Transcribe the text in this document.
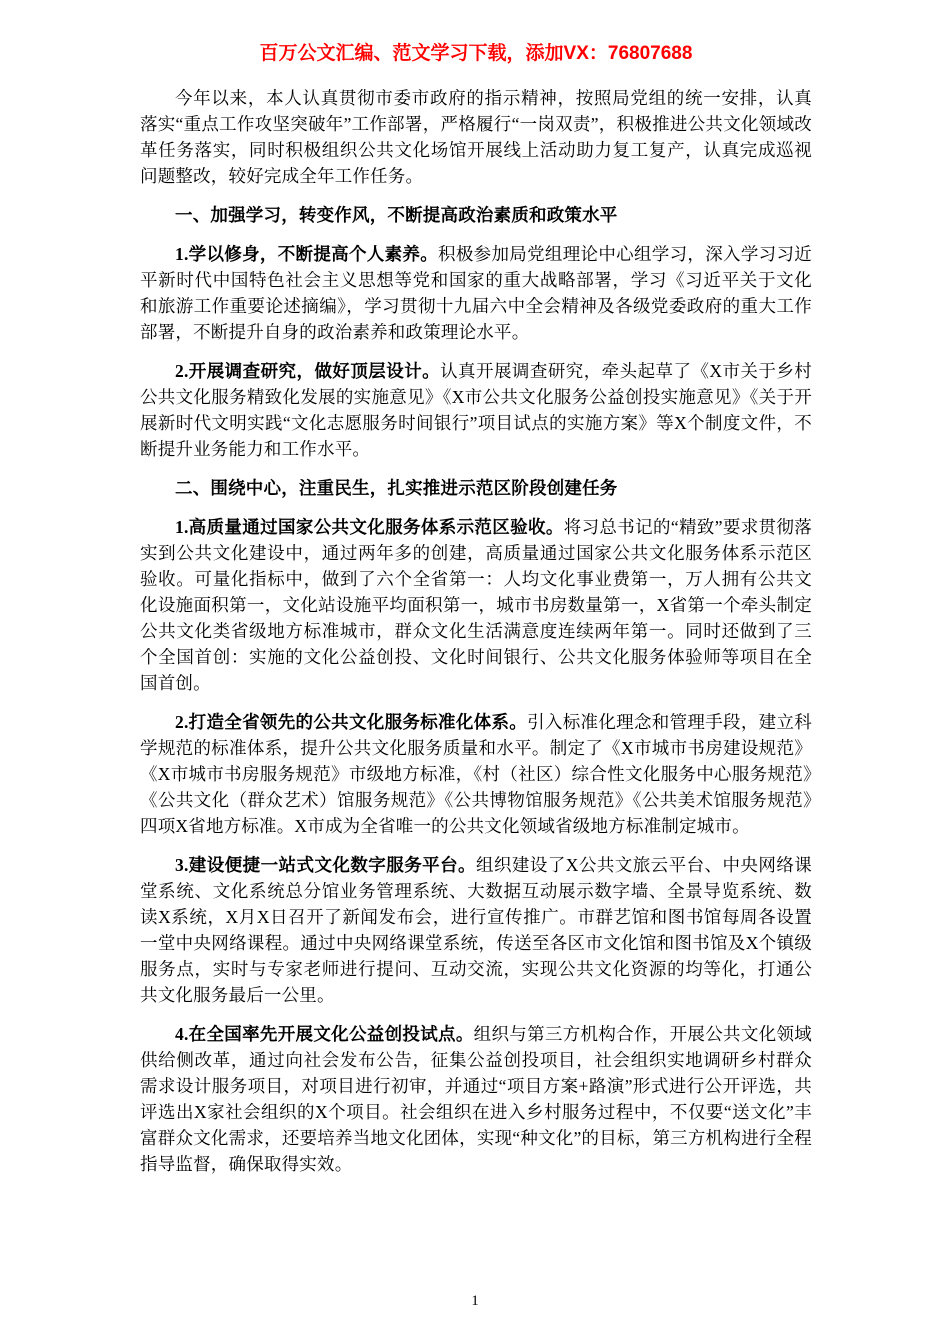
百万公文汇编、范文学习下载，添加VX：76807688

今年以来，本人认真贯彻市委市政府的指示精神，按照局党组的统一安排，认真落实“重点工作攻坚突破年”工作部署，严格履行“一岗双责”，积极推进公共文化领域改革任务落实，同时积极组织公共文化场馆开展线上活动助力复工复产，认真完成巡视问题整改，较好完成全年工作任务。

一、加强学习，转变作风，不断提高政治素质和政策水平

1.学以修身，不断提高个人素养。积极参加局党组理论中心组学习，深入学习习近平新时代中国特色社会主义思想等党和国家的重大战略部署，学习《习近平关于文化和旅游工作重要论述摘编》，学习贯彻十九届六中全会精神及各级党委政府的重大工作部署，不断提升自身的政治素养和政策理论水平。

2.开展调查研究，做好顶层设计。认真开展调查研究，牵头起草了《X市关于乡村公共文化服务精致化发展的实施意见》《X市公共文化服务公益创投实施意见》《关于开展新时代文明实践“文化志愿服务时间银行”项目试点的实施方案》等X个制度文件，不断提升业务能力和工作水平。

二、围绕中心，注重民生，扎实推进示范区阶段创建任务

1.高质量通过国家公共文化服务体系示范区验收。将习总书记的“精致”要求贯彻落实到公共文化建设中，通过两年多的创建，高质量通过国家公共文化服务体系示范区验收。可量化指标中，做到了六个全省第一：人均文化事业费第一，万人拥有公共文化设施面积第一，文化站设施平均面积第一，城市书房数量第一，X省第一个牵头制定公共文化类省级地方标准城市，群众文化生活满意度连续两年第一。同时还做到了三个全国首创：实施的文化公益创投、文化时间银行、公共文化服务体验师等项目在全国首创。

2.打造全省领先的公共文化服务标准化体系。引入标准化理念和管理手段，建立科学规范的标准体系，提升公共文化服务质量和水平。制定了《X市城市书房建设规范》《X市城市书房服务规范》市级地方标准，《村（社区）综合性文化服务中心服务规范》《公共文化（群众艺术）馆服务规范》《公共博物馆服务规范》《公共美术馆服务规范》四项X省地方标准。X市成为全省唯一的公共文化领域省级地方标准制定城市。

3.建设便捷一站式文化数字服务平台。组织建设了X公共文旅云平台、中央网络课堂系统、文化系统总分馆业务管理系统、大数据互动展示数字墙、全景导览系统、数读X系统，X月X日召开了新闻发布会，进行宣传推广。市群艺馆和图书馆每周各设置一堂中央网络课程。通过中央网络课堂系统，传送至各区市文化馆和图书馆及X个镇级服务点，实时与专家老师进行提问、互动交流，实现公共文化资源的均等化，打通公共文化服务最后一公里。

4.在全国率先开展文化公益创投试点。组织与第三方机构合作，开展公共文化领域供给侧改革，通过向社会发布公告，征集公益创投项目，社会组织实地调研乡村群众需求设计服务项目，对项目进行初审，并通过“项目方案+路演”形式进行公开评选，共评选出X家社会组织的X个项目。社会组织在进入乡村服务过程中，不仅要“送文化”丰富群众文化需求，还要培养当地文化团体，实现“种文化”的目标，第三方机构进行全程指导监督，确保取得实效。

1
